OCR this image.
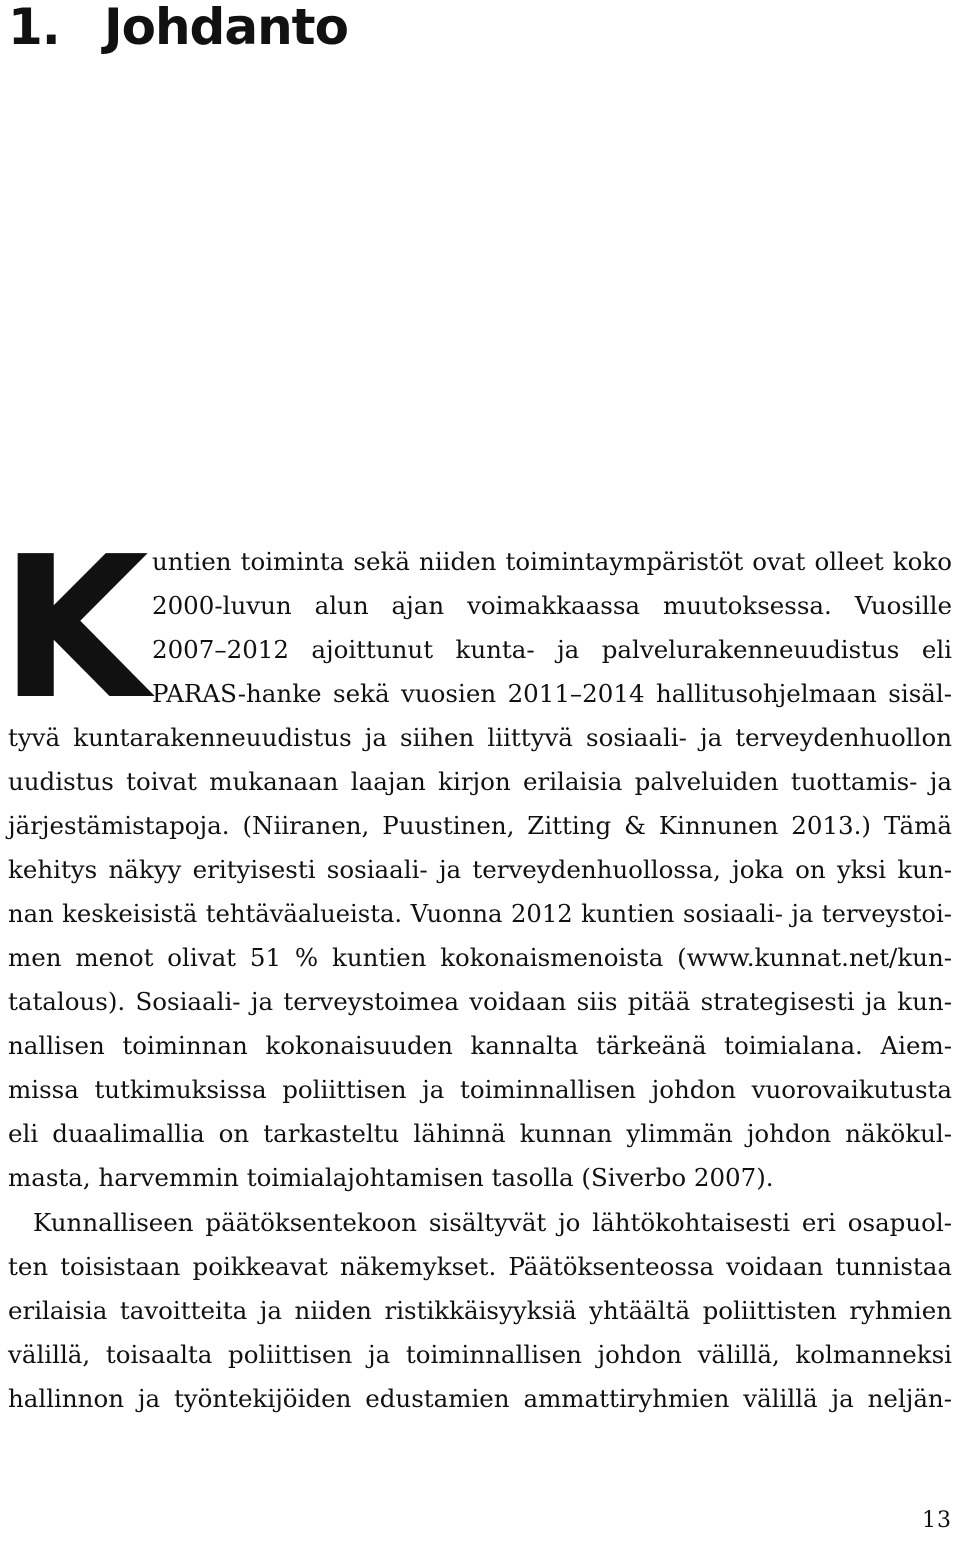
1. Johdanto
K untien toiminta sekä niiden toimintaympäristöt ovat olleet koko
2000-luvun alun ajan voimakkaassa muutoksessa. Vuosille
2007–2012 ajoittunut kunta- ja palvelurakenneuudistus eli
PARAS-hanke sekä vuosien 2011–2014 hallitusohjelmaan sisäl-
tyvä kuntarakenneuudistus ja siihen liittyvä sosiaali- ja terveydenhuollon
uudistus toivat mukanaan laajan kirjon erilaisia palveluiden tuottamis- ja
järjestämistapoja. (Niiranen, Puustinen, Zitting & Kinnunen 2013.) Tämä
kehitys näkyy erityisesti sosiaali- ja terveydenhuollossa, joka on yksi kun-
nan keskeisistä tehtäväalueista. Vuonna 2012 kuntien sosiaali- ja terveystoi-
men menot olivat 51 % kuntien kokonaismenoista (www.kunnat.net/kun-
tatalous). Sosiaali- ja terveystoimea voidaan siis pitää strategisesti ja kun-
nallisen toiminnan kokonaisuuden kannalta tärkeänä toimialana. Aiem-
missa tutkimuksissa poliittisen ja toiminnallisen johdon vuorovaikutusta
eli duaalimallia on tarkasteltu lähinnä kunnan ylimmän johdon näkökul-
masta, harvemmin toimialajohtamisen tasolla (Siverbo 2007).
Kunnalliseen päätöksentekoon sisältyvät jo lähtökohtaisesti eri osapuol-
ten toisistaan poikkeavat näkemykset. Päätöksenteossa voidaan tunnistaa
erilaisia tavoitteita ja niiden ristikkäisyyksiä yhtäältä poliittisten ryhmien
välillä, toisaalta poliittisen ja toiminnallisen johdon välillä, kolmanneksi
hallinnon ja työntekijöiden edustamien ammattiryhmien välillä ja neljän-
13
